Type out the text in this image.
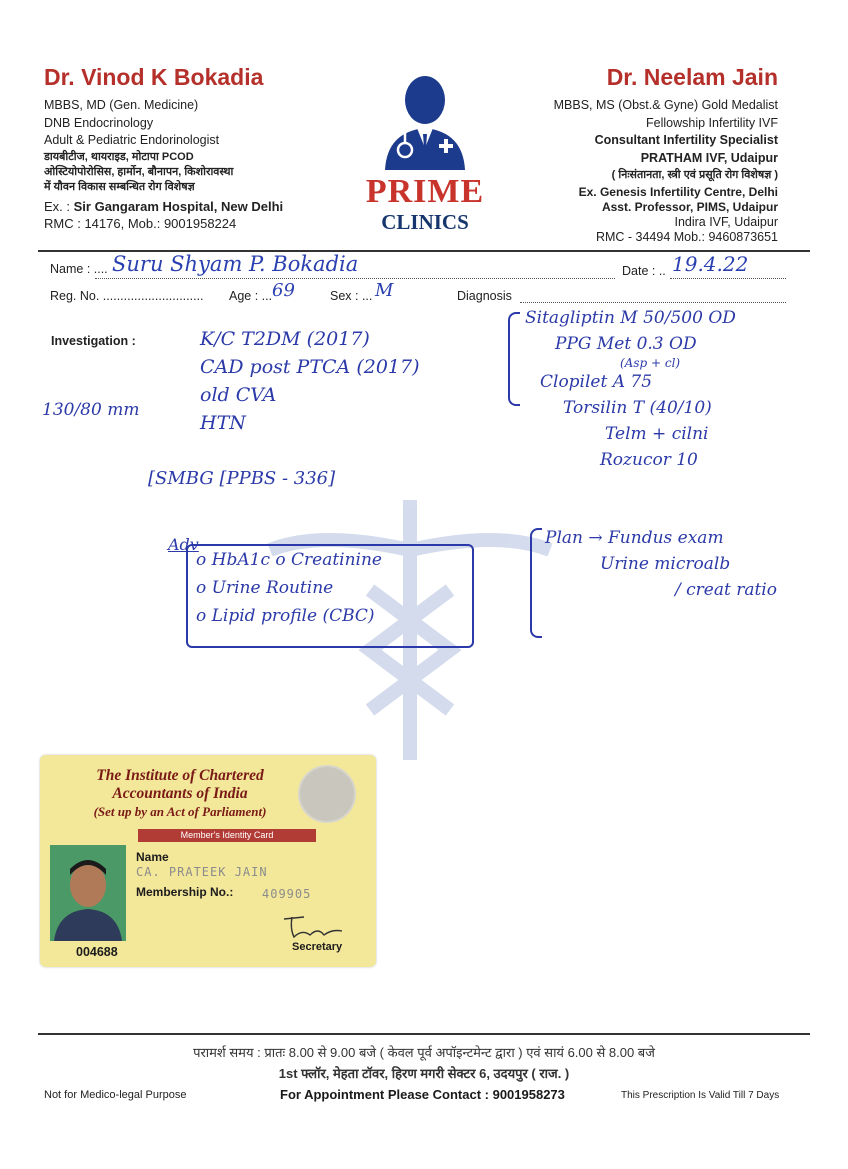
Dr. Vinod K Bokadia
MBBS, MD (Gen. Medicine)
DNB Endocrinology
Adult & Pediatric Endorinologist
डायबीटीज, थायराइड, मोटापा PCOD
ओस्टियोपोरोसिस, हार्मोन, बौनापन, किशोरावस्था
में यौवन विकास सम्बन्धित रोग विशेषज्ञ
Ex. : Sir Gangaram Hospital, New Delhi
RMC : 14176, Mob.: 9001958224
PRIME
CLINICS
Dr. Neelam Jain
MBBS, MS (Obst.& Gyne) Gold Medalist
Fellowship Infertility IVF
Consultant Infertility Specialist
PRATHAM IVF, Udaipur
( निःसंतानता, स्त्री एवं प्रसूति रोग विशेषज्ञ )
Ex. Genesis Infertility Centre, Delhi
Asst. Professor, PIMS, Udaipur
Indira IVF, Udaipur
RMC - 34494 Mob.: 9460873651
Name : .... Suru Shyam P. Bokadia	Date : .. 19.4.22
Reg. No. ............................. Age : ... 69	Sex : ... M	Diagnosis
Investigation :	K/C T2DM (2017)
CAD post PTCA (2017)
old CVA
HTN
130/80 mm
[SMBG [PPBS - 336]
Sitagliptin M 50/500 OD
PPG Met 0.3 OD
(Asp + cl)
Clopilet A 75
Torsilin T (40/10)
Telm + cilni
Rozucor 10
Adv
o HbA1c o Creatinine
o Urine Routine
o Lipid profile (CBC)
Plan → Fundus exam
Urine microalb
/ creat ratio
The Institute of Chartered
Accountants of India
(Set up by an Act of Parliament)
Member's Identity Card
Name
CA. PRATEEK JAIN
Membership No.: 409905
004688	Secretary
परामर्श समय : प्रातः 8.00 से 9.00 बजे ( केवल पूर्व अपॉइन्टमेन्ट द्वारा ) एवं सायं 6.00 से 8.00 बजे
1st फ्लॉर, मेहता टॉवर, हिरण मगरी सेक्टर 6, उदयपुर ( राज. )
Not for Medico-legal Purpose	For Appointment Please Contact : 9001958273	This Prescription Is Valid Till 7 Days
